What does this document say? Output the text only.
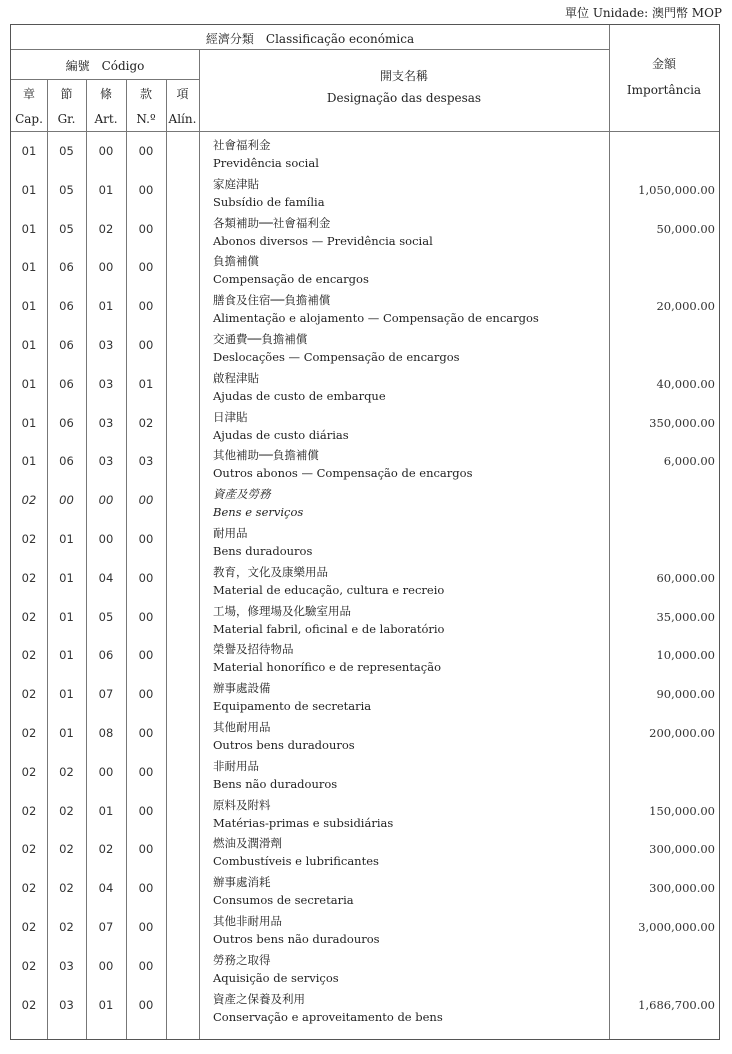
單位 Unidade: 澳門幣 MOP
經濟分類　Classificação económica
編號　Código
開支名稱
Designação das despesas
金額
Importância
章	節	條	款	項
Cap.	Gr.	Art.	N.º	Alín.
01	05	00	00	社會福利金
Previdência social
01	05	01	00	家庭津貼
Subsídio de família
1,050,000.00
01	05	02	00	各類補助──社會福利金
Abonos diversos — Previdência social
50,000.00
01	06	00	00	負擔補償
Compensação de encargos
01	06	01	00	膳食及住宿──負擔補償
Alimentação e alojamento — Compensação de encargos
20,000.00
01	06	03	00	交通費──負擔補償
Deslocações — Compensação de encargos
01	06	03	01	啟程津貼
Ajudas de custo de embarque
40,000.00
01	06	03	02	日津貼
Ajudas de custo diárias
350,000.00
01	06	03	03	其他補助──負擔補償
Outros abonos — Compensação de encargos
6,000.00
02	00	00	00	資產及勞務
Bens e serviços
02	01	00	00	耐用品
Bens duradouros
02	01	04	00	教育，文化及康樂用品
Material de educação, cultura e recreio
60,000.00
02	01	05	00	工場，修理場及化驗室用品
Material fabril, oficinal e de laboratório
35,000.00
02	01	06	00	榮譽及招待物品
Material honorífico e de representação
10,000.00
02	01	07	00	辦事處設備
Equipamento de secretaria
90,000.00
02	01	08	00	其他耐用品
Outros bens duradouros
200,000.00
02	02	00	00	非耐用品
Bens não duradouros
02	02	01	00	原料及附料
Matérias-primas e subsidiárias
150,000.00
02	02	02	00	燃油及潤滑劑
Combustíveis e lubrificantes
300,000.00
02	02	04	00	辦事處消耗
Consumos de secretaria
300,000.00
02	02	07	00	其他非耐用品
Outros bens não duradouros
3,000,000.00
02	03	00	00	勞務之取得
Aquisição de serviços
02	03	01	00	資產之保養及利用
Conservação e aproveitamento de bens
1,686,700.00
